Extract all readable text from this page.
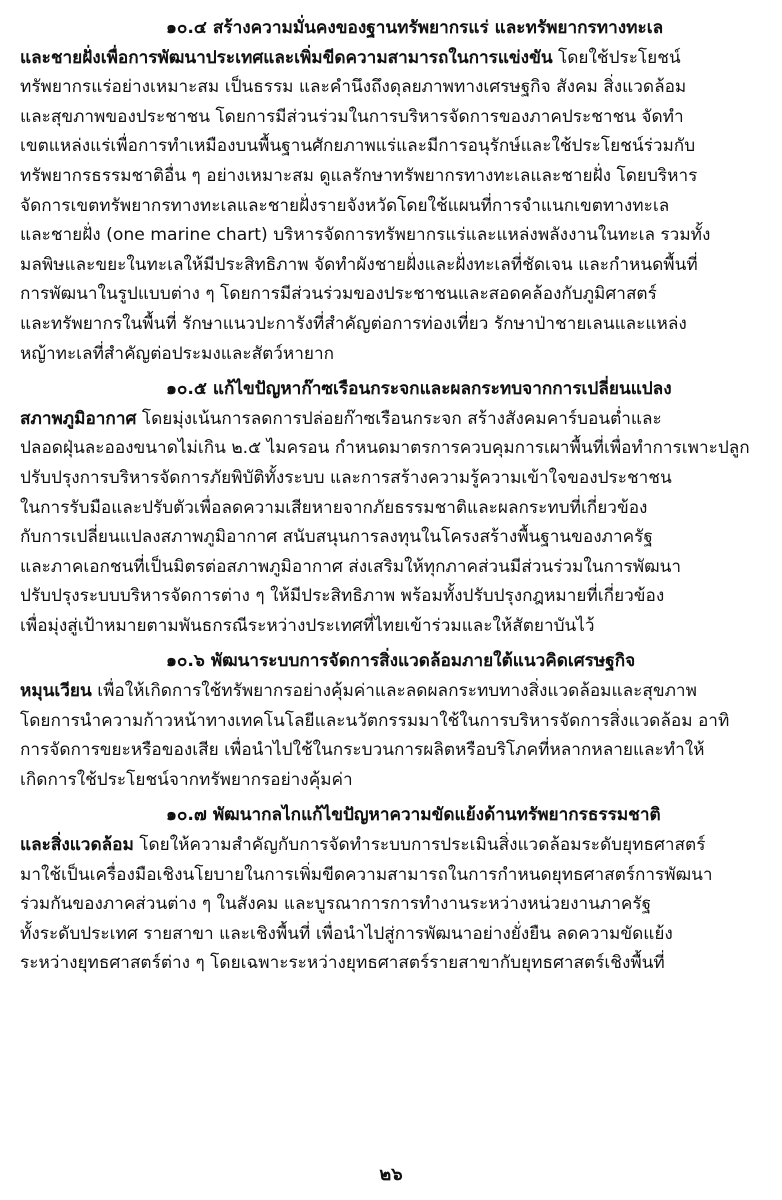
๑๐.๔ สร้างความมั่นคงของฐานทรัพยากรแร่ และทรัพยากรทางทะเล
และชายฝั่งเพื่อการพัฒนาประเทศและเพิ่มขีดความสามารถในการแข่งขัน โดยใช้ประโยชน์
ทรัพยากรแร่อย่างเหมาะสม เป็นธรรม และคำนึงถึงดุลยภาพทางเศรษฐกิจ สังคม สิ่งแวดล้อม
และสุขภาพของประชาชน โดยการมีส่วนร่วมในการบริหารจัดการของภาคประชาชน จัดทำ
เขตแหล่งแร่เพื่อการทำเหมืองบนพื้นฐานศักยภาพแร่และมีการอนุรักษ์และใช้ประโยชน์ร่วมกับ
ทรัพยากรธรรมชาติอื่น ๆ อย่างเหมาะสม ดูแลรักษาทรัพยากรทางทะเลและชายฝั่ง โดยบริหาร
จัดการเขตทรัพยากรทางทะเลและชายฝั่งรายจังหวัดโดยใช้แผนที่การจำแนกเขตทางทะเล
และชายฝั่ง (one marine chart) บริหารจัดการทรัพยากรแร่และแหล่งพลังงานในทะเล รวมทั้ง
มลพิษและขยะในทะเลให้มีประสิทธิภาพ จัดทำผังชายฝั่งและฝั่งทะเลที่ชัดเจน และกำหนดพื้นที่
การพัฒนาในรูปแบบต่าง ๆ โดยการมีส่วนร่วมของประชาชนและสอดคล้องกับภูมิศาสตร์
และทรัพยากรในพื้นที่ รักษาแนวปะการังที่สำคัญต่อการท่องเที่ยว รักษาป่าชายเลนและแหล่ง
หญ้าทะเลที่สำคัญต่อประมงและสัตว์หายาก
๑๐.๕ แก้ไขปัญหาก๊าซเรือนกระจกและผลกระทบจากการเปลี่ยนแปลง
สภาพภูมิอากาศ โดยมุ่งเน้นการลดการปล่อยก๊าซเรือนกระจก สร้างสังคมคาร์บอนต่ำและ
ปลอดฝุ่นละอองขนาดไม่เกิน ๒.๕ ไมครอน กำหนดมาตรการควบคุมการเผาพื้นที่เพื่อทำการเพาะปลูก
ปรับปรุงการบริหารจัดการภัยพิบัติทั้งระบบ และการสร้างความรู้ความเข้าใจของประชาชน
ในการรับมือและปรับตัวเพื่อลดความเสียหายจากภัยธรรมชาติและผลกระทบที่เกี่ยวข้อง
กับการเปลี่ยนแปลงสภาพภูมิอากาศ สนับสนุนการลงทุนในโครงสร้างพื้นฐานของภาครัฐ
และภาคเอกชนที่เป็นมิตรต่อสภาพภูมิอากาศ ส่งเสริมให้ทุกภาคส่วนมีส่วนร่วมในการพัฒนา
ปรับปรุงระบบบริหารจัดการต่าง ๆ ให้มีประสิทธิภาพ พร้อมทั้งปรับปรุงกฎหมายที่เกี่ยวข้อง
เพื่อมุ่งสู่เป้าหมายตามพันธกรณีระหว่างประเทศที่ไทยเข้าร่วมและให้สัตยาบันไว้
๑๐.๖ พัฒนาระบบการจัดการสิ่งแวดล้อมภายใต้แนวคิดเศรษฐกิจ
หมุนเวียน เพื่อให้เกิดการใช้ทรัพยากรอย่างคุ้มค่าและลดผลกระทบทางสิ่งแวดล้อมและสุขภาพ
โดยการนำความก้าวหน้าทางเทคโนโลยีและนวัตกรรมมาใช้ในการบริหารจัดการสิ่งแวดล้อม อาทิ
การจัดการขยะหรือของเสีย เพื่อนำไปใช้ในกระบวนการผลิตหรือบริโภคที่หลากหลายและทำให้
เกิดการใช้ประโยชน์จากทรัพยากรอย่างคุ้มค่า
๑๐.๗ พัฒนากลไกแก้ไขปัญหาความขัดแย้งด้านทรัพยากรธรรมชาติ
และสิ่งแวดล้อม โดยให้ความสำคัญกับการจัดทำระบบการประเมินสิ่งแวดล้อมระดับยุทธศาสตร์
มาใช้เป็นเครื่องมือเชิงนโยบายในการเพิ่มขีดความสามารถในการกำหนดยุทธศาสตร์การพัฒนา
ร่วมกันของภาคส่วนต่าง ๆ ในสังคม และบูรณาการการทำงานระหว่างหน่วยงานภาครัฐ
ทั้งระดับประเทศ รายสาขา และเชิงพื้นที่ เพื่อนำไปสู่การพัฒนาอย่างยั่งยืน ลดความขัดแย้ง
ระหว่างยุทธศาสตร์ต่าง ๆ โดยเฉพาะระหว่างยุทธศาสตร์รายสาขากับยุทธศาสตร์เชิงพื้นที่
๒๖
